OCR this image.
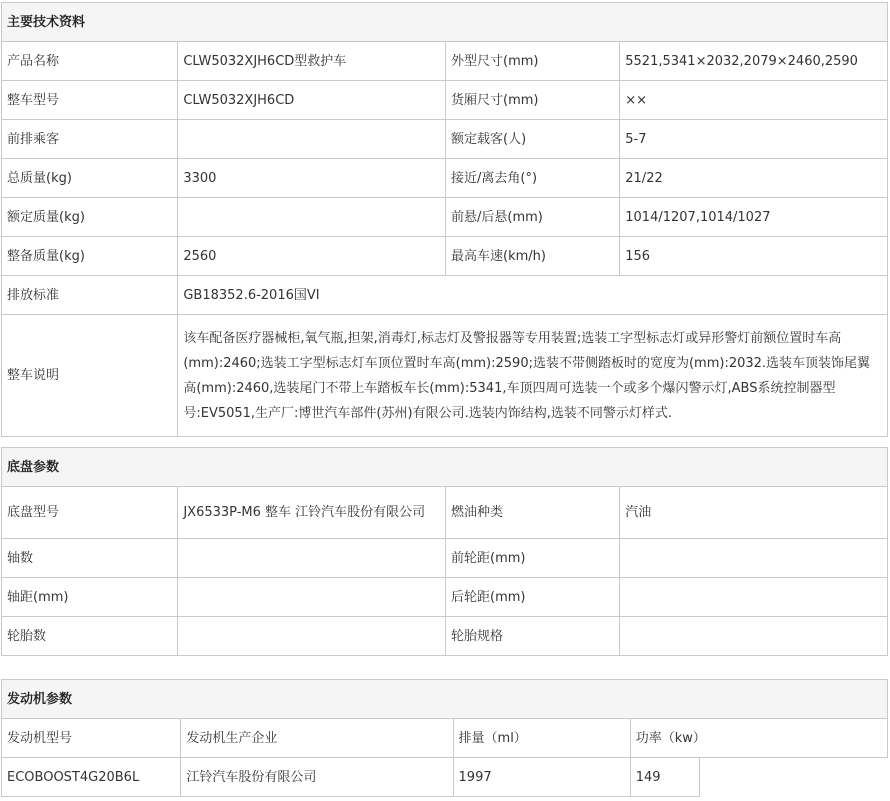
主要技术资料			
产品名称	CLW5032XJH6CD型救护车	外型尺寸(mm)	5521,5341×2032,2079×2460,2590
整车型号	CLW5032XJH6CD	货厢尺寸(mm)	××
前排乘客		额定载客(人)	5-7
总质量(kg)	3300	接近/离去角(°)	21/22
额定质量(kg)		前悬/后悬(mm)	1014/1207,1014/1027
整备质量(kg)	2560	最高车速(km/h)	156
排放标准	GB18352.6-2016国VI		
整车说明	该车配备医疗器械柜,氧气瓶,担架,消毒灯,标志灯及警报器等专用装置;选装工字型标志灯或异形警灯前额位置时车高(mm):2460;选装工字型标志灯车顶位置时车高(mm):2590;选装不带侧踏板时的宽度为(mm):2032.选装车顶装饰尾翼高(mm):2460,选装尾门不带上车踏板车长(mm):5341,车顶四周可选装一个或多个爆闪警示灯,ABS系统控制器型号:EV5051,生产厂:博世汽车部件(苏州)有限公司.选装内饰结构,选装不同警示灯样式.		
底盘参数			
底盘型号	JX6533P-M6 整车 江铃汽车股份有限公司	燃油种类	汽油
轴数		前轮距(mm)	
轴距(mm)		后轮距(mm)	
轮胎数		轮胎规格	
发动机参数				
发动机型号	发动机生产企业	排量（ml）	功率（kw）	
ECOBOOST4G20B6L	江铃汽车股份有限公司	1997	149	
